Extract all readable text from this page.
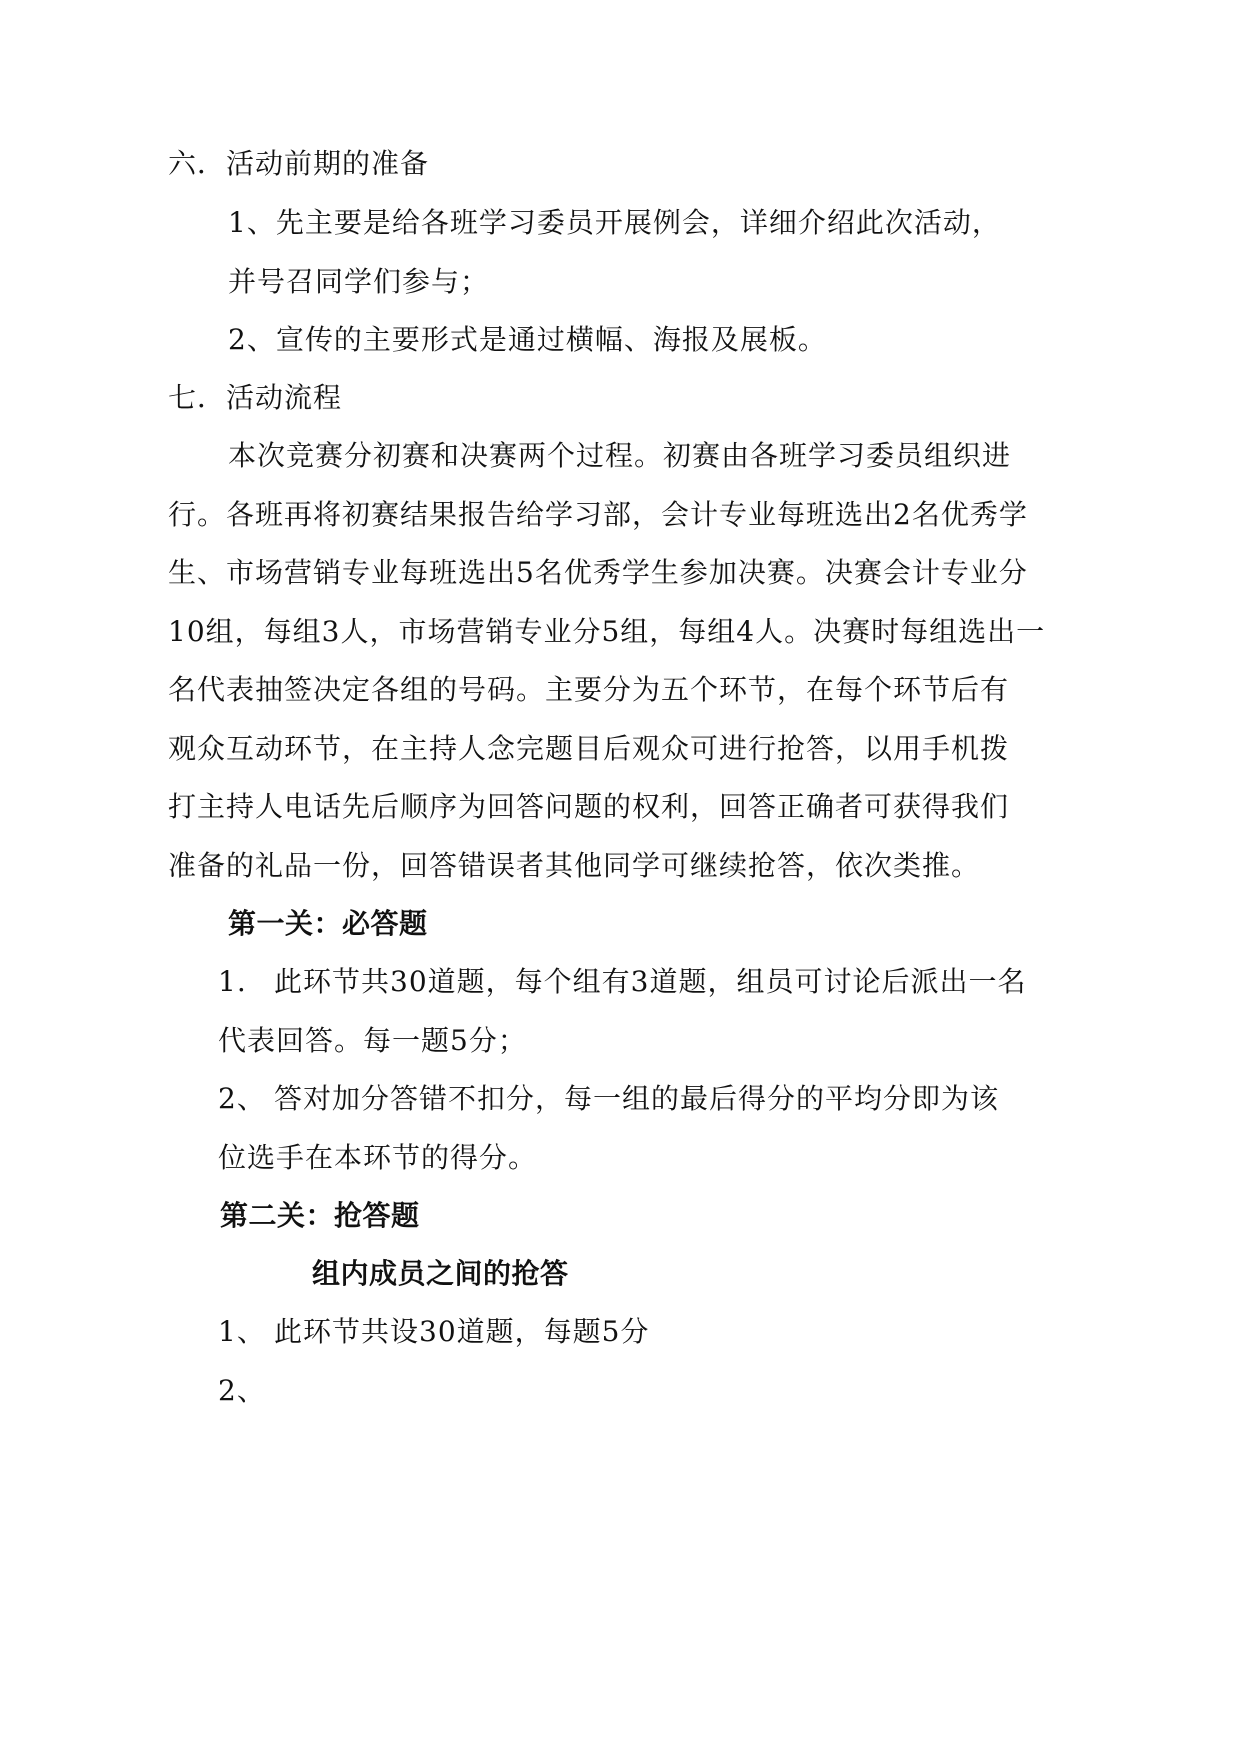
六．活动前期的准备
1、先主要是给各班学习委员开展例会，详细介绍此次活动，
并号召同学们参与；
2、宣传的主要形式是通过横幅、海报及展板。
七．活动流程
本次竞赛分初赛和决赛两个过程。初赛由各班学习委员组织进
行。各班再将初赛结果报告给学习部，会计专业每班选出2名优秀学
生、市场营销专业每班选出5名优秀学生参加决赛。决赛会计专业分
10组，每组3人，市场营销专业分5组，每组4人。决赛时每组选出一
名代表抽签决定各组的号码。主要分为五个环节，在每个环节后有
观众互动环节，在主持人念完题目后观众可进行抢答，以用手机拨
打主持人电话先后顺序为回答问题的权利，回答正确者可获得我们
准备的礼品一份，回答错误者其他同学可继续抢答，依次类推。
第一关：必答题
1. 此环节共30道题，每个组有3道题，组员可讨论后派出一名
代表回答。每一题5分；
2、 答对加分答错不扣分，每一组的最后得分的平均分即为该
位选手在本环节的得分。
第二关：抢答题
组内成员之间的抢答
1、 此环节共设30道题，每题5分
2、
